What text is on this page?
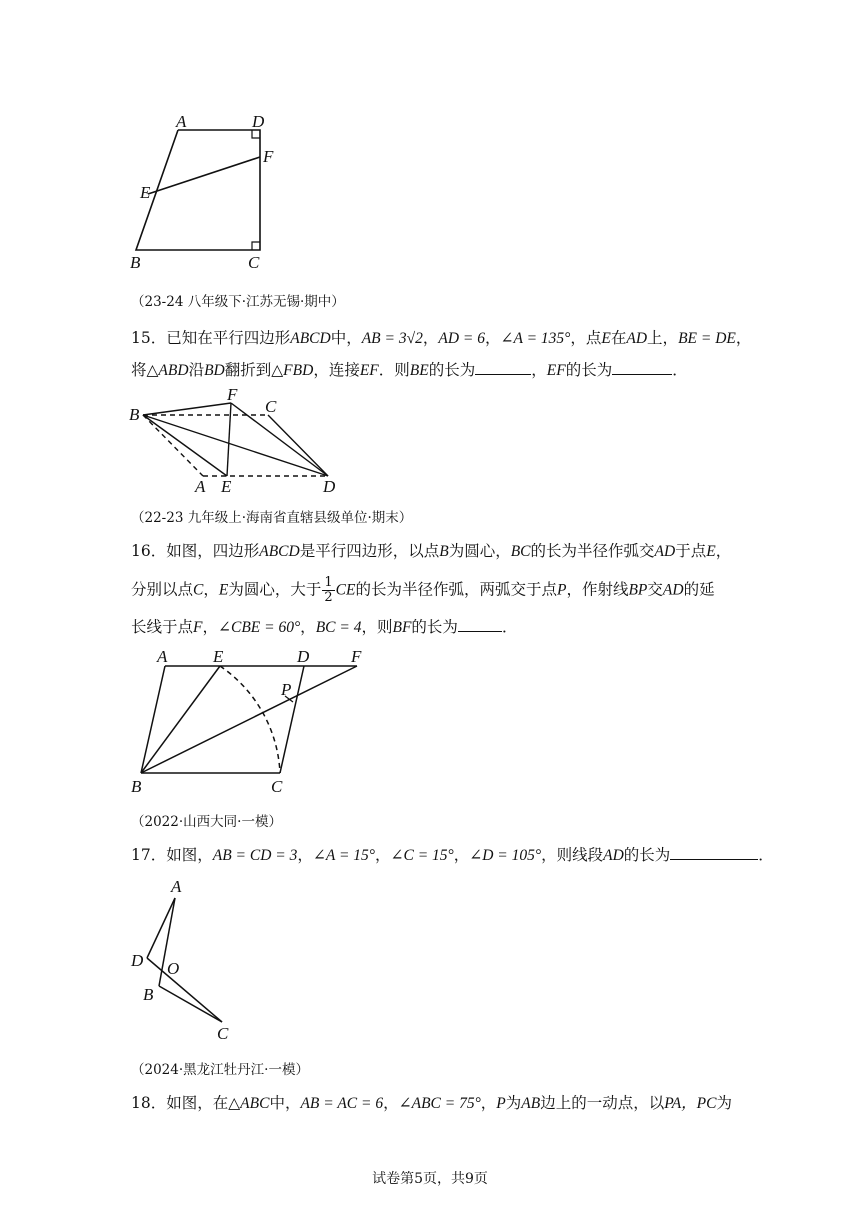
A	D
F
E
B	C
（23-24 八年级下·江苏无锡·期中）
15．已知在平行四边形ABCD中，AB = 3√2，AD = 6，∠A = 135°，点E在AD上，BE = DE，
将△ABD沿BD翻折到△FBD，连接EF．则BE的长为	，EF的长为	．
B
F
C
A E	D
（22-23 九年级上·海南省直辖县级单位·期末）
16．如图，四边形ABCD是平行四边形，以点B为圆心，BC的长为半径作弧交AD于点E，
分别以点C，E为圆心，大于 $\frac{1}{2}$ CE的长为半径作弧，两弧交于点P，作射线BP交AD的延
长线于点F，∠CBE = 60°，BC = 4，则BF的长为	．
A	E	D F
P
B	C
（2022·山西大同·一模）
17．如图，AB = CD = 3，∠A = 15°，∠C = 15°，∠D = 105°，则线段AD的长为	．
A
D O
B
C
（2024·黑龙江牡丹江·一模）
18．如图，在△ABC中，AB = AC = 6，∠ABC = 75°，P为AB边上的一动点，以PA，PC为
试卷第5页，共9页
